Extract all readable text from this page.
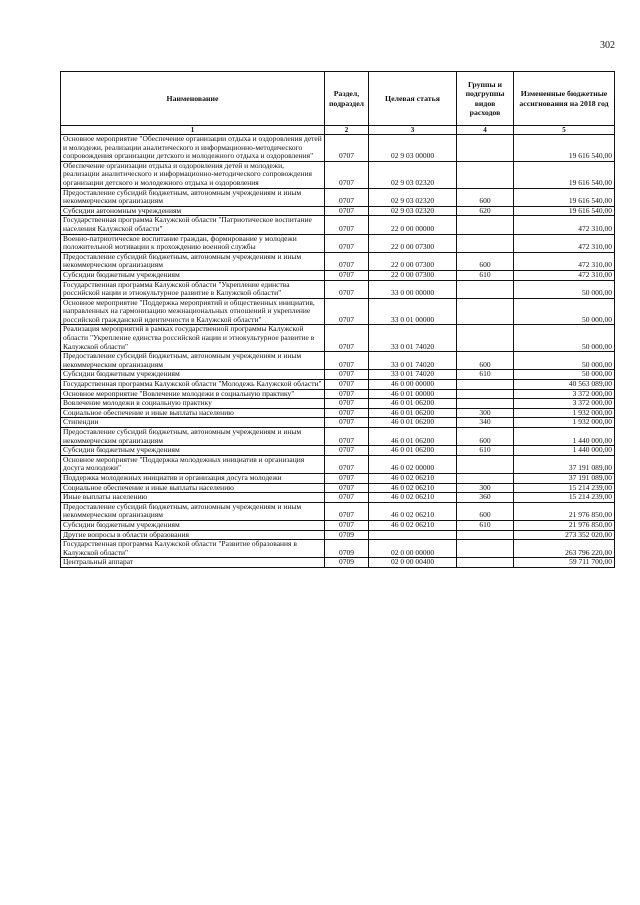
302
Наименование	Раздел, подраздел	Целевая статья	Группы и подгруппы видов расходов	Измененные бюджетные ассигнования на 2018 год
1	2	3	4	5
Основное мероприятие "Обеспечение организации отдыха и оздоровления детей и молодежи, реализации аналитического и информационно-методического сопровождения организации детского и молодежного отдыха и оздоровления"	0707	02 9 03 00000		19 616 540,00
Обеспечение организации отдыха и оздоровления детей и молодежи, реализации аналитического и информационно-методического сопровождения организации детского и молодежного отдыха и оздоровления	0707	02 9 03 02320		19 616 540,00
Предоставление субсидий бюджетным, автономным учреждениям и иным некоммерческим организациям	0707	02 9 03 02320	600	19 616 540,00
Субсидии автономным учреждениям	0707	02 9 03 02320	620	19 616 540,00
Государственная программа Калужской области "Патриотическое воспитание населения Калужской области"	0707	22 0 00 00000		472 310,00
Военно-патриотическое воспитание граждан, формирование у молодежи положительной мотивации к прохождению военной службы	0707	22 0 00 07300		472 310,00
Предоставление субсидий бюджетным, автономным учреждениям и иным некоммерческим организациям	0707	22 0 00 07300	600	472 310,00
Субсидии бюджетным учреждениям	0707	22 0 00 07300	610	472 310,00
Государственная программа Калужской области "Укрепление единства российской нации и этнокультурное развитие в Калужской области"	0707	33 0 00 00000		50 000,00
Основное мероприятие "Поддержка мероприятий и общественных инициатив, направленных на гармонизацию межнациональных отношений и укрепление российской гражданской идентичности в Калужской области"	0707	33 0 01 00000		50 000,00
Реализация мероприятий в рамках государственной программы Калужской области "Укрепление единства российской нации и этнокультурное развитие в Калужской области"	0707	33 0 01 74020		50 000,00
Предоставление субсидий бюджетным, автономным учреждениям и иным некоммерческим организациям	0707	33 0 01 74020	600	50 000,00
Субсидии бюджетным учреждениям	0707	33 0 01 74020	610	50 000,00
Государственная программа Калужской области "Молодежь Калужской области"	0707	46 0 00 00000		40 563 089,00
Основное мероприятие "Вовлечение молодежи в социальную практику"	0707	46 0 01 00000		3 372 000,00
Вовлечение молодежи в социальную практику	0707	46 0 01 06200		3 372 000,00
Социальное обеспечение и иные выплаты населению	0707	46 0 01 06200	300	1 932 000,00
Стипендии	0707	46 0 01 06200	340	1 932 000,00
Предоставление субсидий бюджетным, автономным учреждениям и иным некоммерческим организациям	0707	46 0 01 06200	600	1 440 000,00
Субсидии бюджетным учреждениям	0707	46 0 01 06200	610	1 440 000,00
Основное мероприятие "Поддержка молодежных инициатив и организация досуга молодежи"	0707	46 0 02 00000		37 191 089,00
Поддержка молодежных инициатив и организация досуга молодежи	0707	46 0 02 06210		37 191 089,00
Социальное обеспечение и иные выплаты населению	0707	46 0 02 06210	300	15 214 239,00
Иные выплаты населению	0707	46 0 02 06210	360	15 214 239,00
Предоставление субсидий бюджетным, автономным учреждениям и иным некоммерческим организациям	0707	46 0 02 06210	600	21 976 850,00
Субсидии бюджетным учреждениям	0707	46 0 02 06210	610	21 976 850,00
Другие вопросы в области образования	0709			273 352 020,00
Государственная программа Калужской области "Развитие образования в Калужской области"	0709	02 0 00 00000		263 796 220,00
Центральный аппарат	0709	02 0 00 00400		59 711 700,00
